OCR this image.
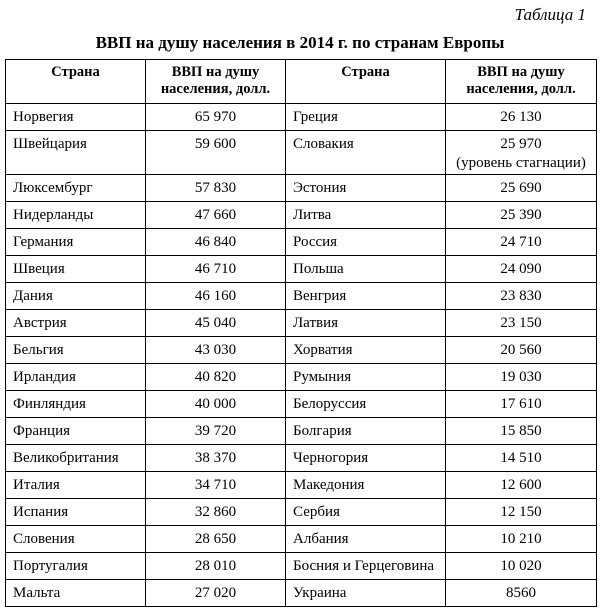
Таблица 1
ВВП на душу населения в 2014 г. по странам Европы
Страна	ВВП на душу населения, долл.	Страна	ВВП на душу населения, долл.
Норвегия	65 970	Греция	26 130
Швейцария	59 600	Словакия	25 970
(уровень стагнации)

Люксембург	57 830	Эстония	25 690
Нидерланды	47 660	Литва	25 390
Германия	46 840	Россия	24 710
Швеция	46 710	Польша	24 090
Дания	46 160	Венгрия	23 830
Австрия	45 040	Латвия	23 150
Бельгия	43 030	Хорватия	20 560
Ирландия	40 820	Румыния	19 030
Финляндия	40 000	Белоруссия	17 610
Франция	39 720	Болгария	15 850
Великобритания	38 370	Черногория	14 510
Италия	34 710	Македония	12 600
Испания	32 860	Сербия	12 150
Словения	28 650	Албания	10 210
Португалия	28 010	Босния и Герцеговина	10 020
Мальта	27 020	Украина	8560
